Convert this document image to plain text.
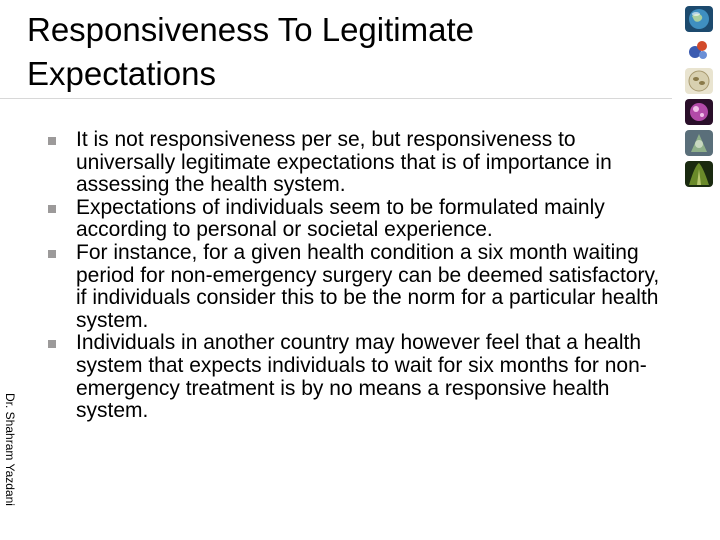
Responsiveness To Legitimate Expectations
It is not responsiveness per se, but responsiveness to universally legitimate expectations that is of importance in assessing the health system.
Expectations of individuals seem to be formulated mainly according to personal or societal experience.
For instance, for a given health condition a six month waiting period for non-emergency surgery can be deemed satisfactory, if individuals consider this to be the norm for a particular health system.
Individuals in another country may however feel that a health system that expects individuals to wait for six months for non-emergency treatment is by no means a responsive health system.
Dr. Shahram Yazdani
